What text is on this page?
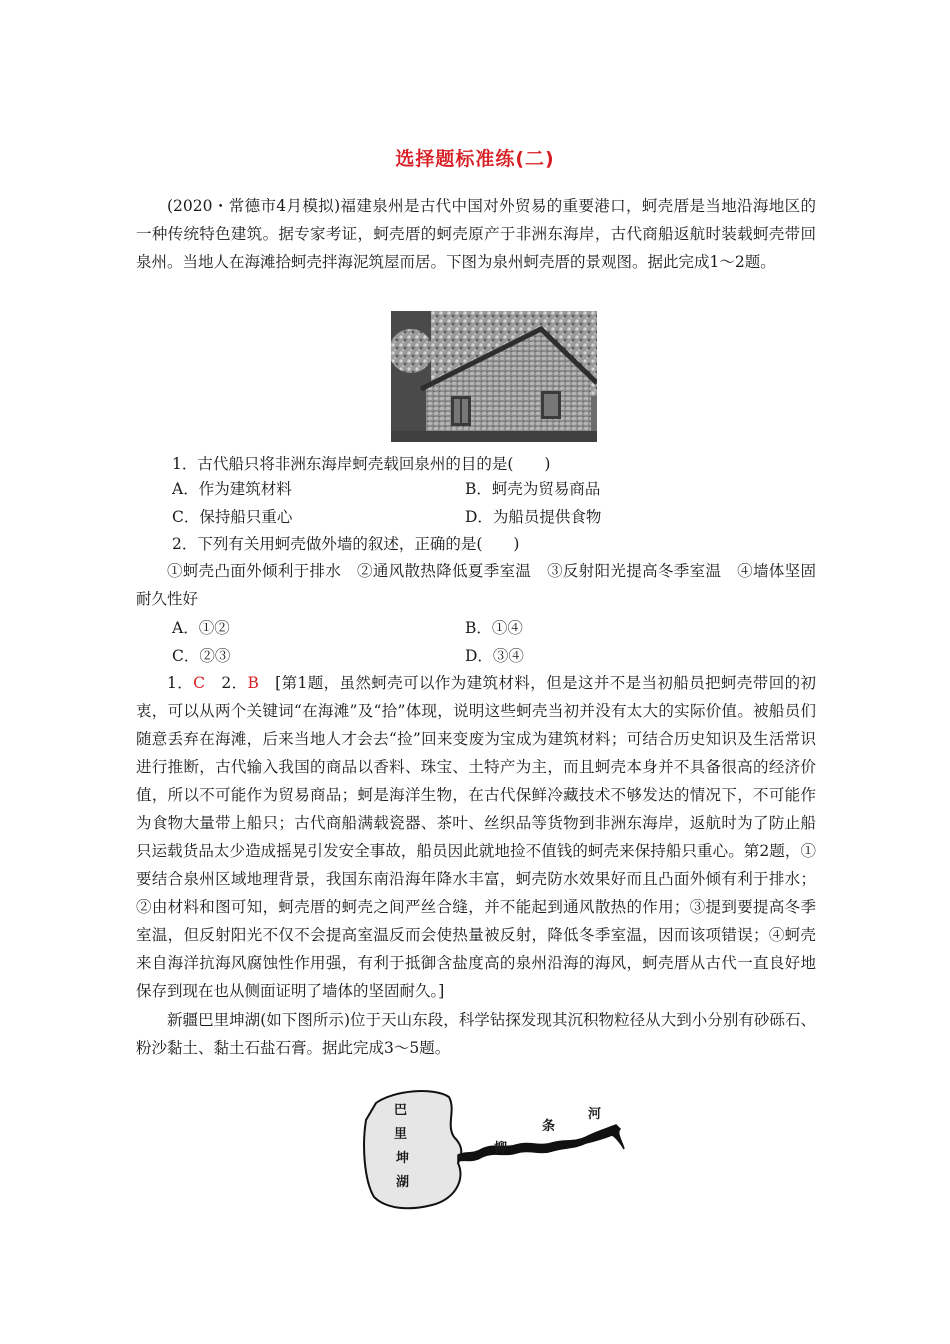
选择题标准练(二)

(2020・常德市4月模拟)福建泉州是古代中国对外贸易的重要港口，蚵壳厝是当地沿海地区的一种传统特色建筑。据专家考证，蚵壳厝的蚵壳原产于非洲东海岸，古代商船返航时装载蚵壳带回泉州。当地人在海滩拾蚵壳拌海泥筑屋而居。下图为泉州蚵壳厝的景观图。据此完成1～2题。

1．古代船只将非洲东海岸蚵壳载回泉州的目的是(　　)
A．作为建筑材料	B．蚵壳为贸易商品
C．保持船只重心	D．为船员提供食物
2．下列有关用蚵壳做外墙的叙述，正确的是(　　)

①蚵壳凸面外倾利于排水　②通风散热降低夏季室温　③反射阳光提高冬季室温　④墙体坚固耐久性好

A．①②	B．①④
C．②③	D．③④

1．C　2．B　[第1题，虽然蚵壳可以作为建筑材料，但是这并不是当初船员把蚵壳带回的初衷，可以从两个关键词“在海滩”及“拾”体现，说明这些蚵壳当初并没有太大的实际价值。被船员们随意丢弃在海滩，后来当地人才会去“捡”回来变废为宝成为建筑材料；可结合历史知识及生活常识进行推断，古代输入我国的商品以香料、珠宝、土特产为主，而且蚵壳本身并不具备很高的经济价值，所以不可能作为贸易商品；蚵是海洋生物，在古代保鲜冷藏技术不够发达的情况下，不可能作为食物大量带上船只；古代商船满载瓷器、茶叶、丝织品等货物到非洲东海岸，返航时为了防止船只运载货品太少造成摇晃引发安全事故，船员因此就地捡不值钱的蚵壳来保持船只重心。第2题，①要结合泉州区域地理背景，我国东南沿海年降水丰富，蚵壳防水效果好而且凸面外倾有利于排水；②由材料和图可知，蚵壳厝的蚵壳之间严丝合缝，并不能起到通风散热的作用；③提到要提高冬季室温，但反射阳光不仅不会提高室温反而会使热量被反射，降低冬季室温，因而该项错误；④蚵壳来自海洋抗海风腐蚀性作用强，有利于抵御含盐度高的泉州沿海的海风，蚵壳厝从古代一直良好地保存到现在也从侧面证明了墙体的坚固耐久。]

新疆巴里坤湖(如下图所示)位于天山东段，科学钻探发现其沉积物粒径从大到小分别有砂砾石、粉沙黏土、黏土石盐石膏。据此完成3～5题。

巴
里
坤
湖
柳
条
河
